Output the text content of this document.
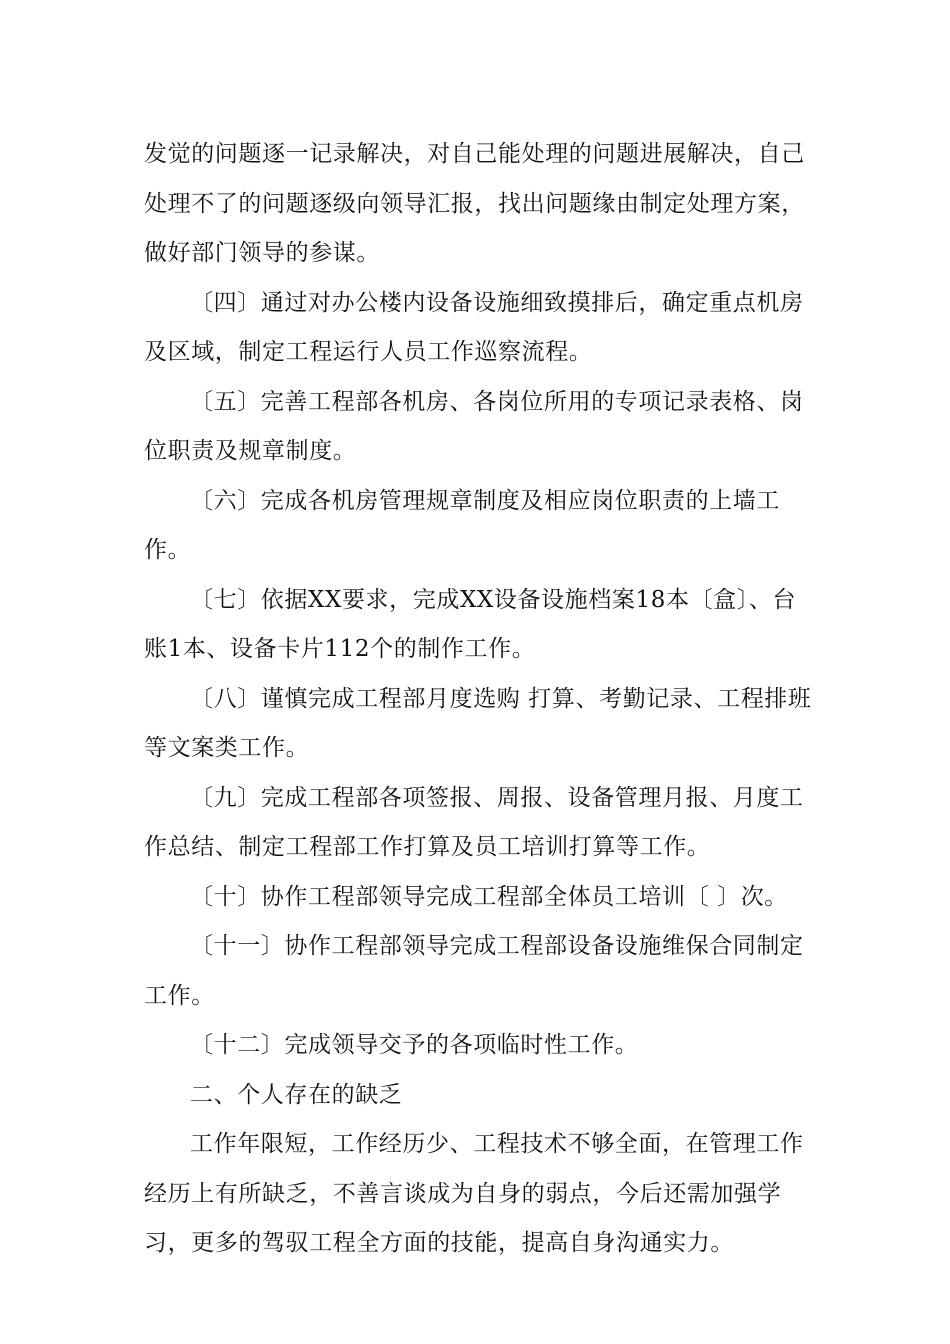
发觉的问题逐一记录解决，对自己能处理的问题进展解决，自己处理不了的问题逐级向领导汇报，找出问题缘由制定处理方案，做好部门领导的参谋。

〔四〕通过对办公楼内设备设施细致摸排后，确定重点机房及区域，制定工程运行人员工作巡察流程。

〔五〕完善工程部各机房、各岗位所用的专项记录表格、岗位职责及规章制度。

〔六〕完成各机房管理规章制度及相应岗位职责的上墙工作。

〔七〕依据XX要求，完成XX设备设施档案18本〔盒〕、台账1本、设备卡片112个的制作工作。

〔八〕谨慎完成工程部月度选购 打算、考勤记录、工程排班等文案类工作。

〔九〕完成工程部各项签报、周报、设备管理月报、月度工作总结、制定工程部工作打算及员工培训打算等工作。

〔十〕协作工程部领导完成工程部全体员工培训〔 〕次。

〔十一〕协作工程部领导完成工程部设备设施维保合同制定工作。

〔十二〕完成领导交予的各项临时性工作。

二、个人存在的缺乏

工作年限短，工作经历少、工程技术不够全面，在管理工作经历上有所缺乏，不善言谈成为自身的弱点，今后还需加强学习，更多的驾驭工程全方面的技能，提高自身沟通实力。
